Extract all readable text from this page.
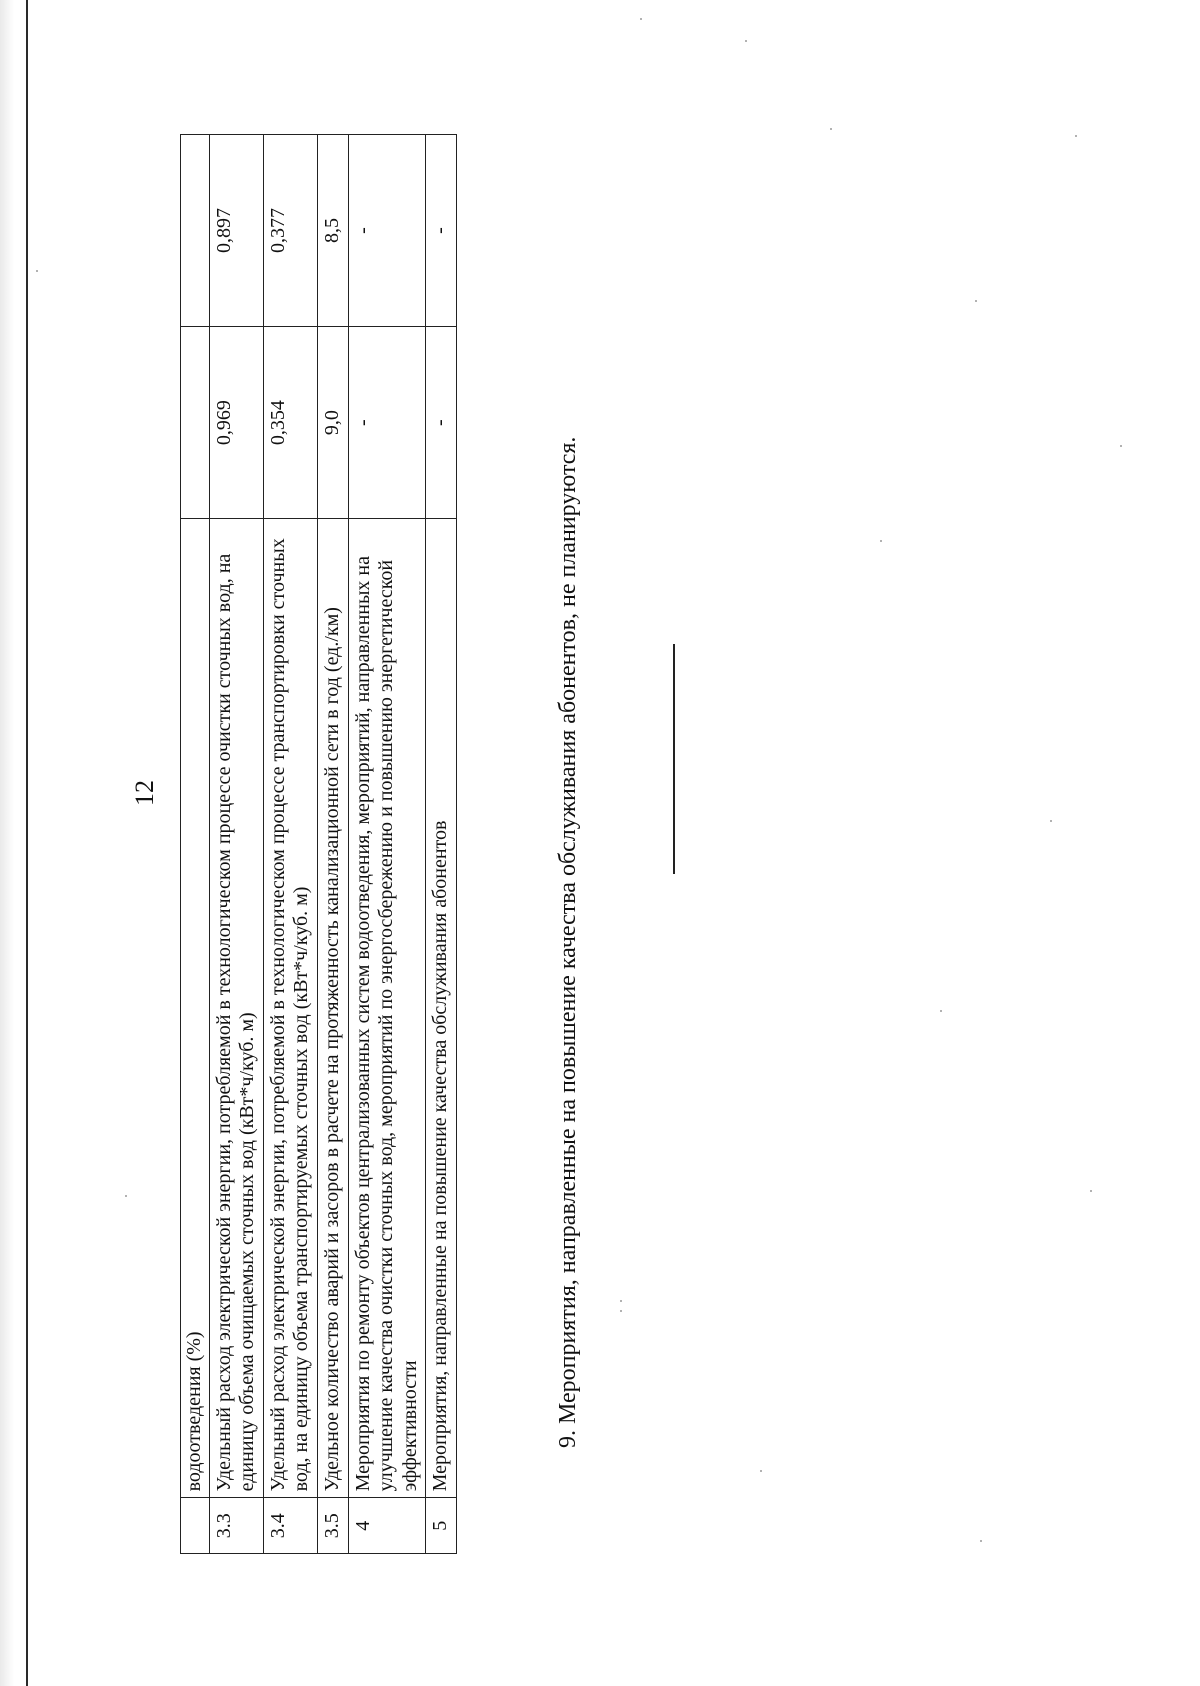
12
	водоотведения (%)		
3.3	Удельный расход электрической энергии, потребляемой в технологическом процессе очистки сточных вод, на единицу объема очищаемых сточных вод (кВт*ч/куб. м)	0,969	0,897
3.4	Удельный расход электрической энергии, потребляемой в технологическом процессе транспортировки сточных вод, на единицу объема транспортируемых сточных вод (кВт*ч/куб. м)	0,354	0,377
3.5	Удельное количество аварий и засоров в расчете на протяженность канализационной сети в год (ед./км)	9,0	8,5
4	Мероприятия по ремонту объектов централизованных систем водоотведения, мероприятий, направленных на улучшение качества очистки сточных вод, мероприятий по энергосбережению и повышению энергетической эффективности	-	-
5	Мероприятия, направленные на повышение качества обслуживания абонентов	-	-
9. Мероприятия, направленные на повышение качества обслуживания абонентов, не планируются.
